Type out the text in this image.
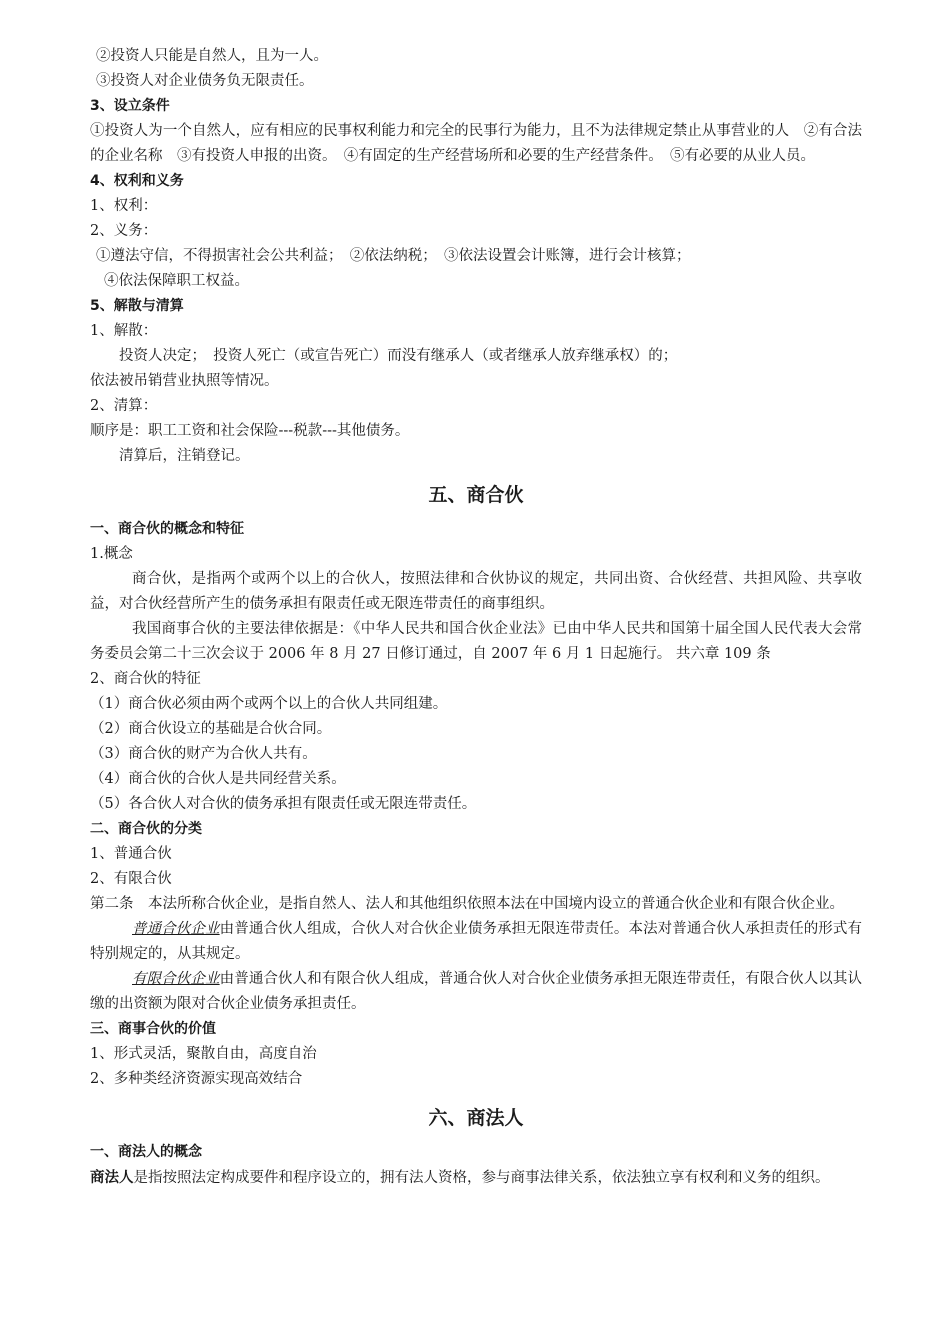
②投资人只能是自然人，且为一人。

③投资人对企业债务负无限责任。

3、设立条件

①投资人为一个自然人，应有相应的民事权利能力和完全的民事行为能力，且不为法律规定禁止从事营业的人　②有合法的企业名称　③有投资人申报的出资。　④有固定的生产经营场所和必要的生产经营条件。　⑤有必要的从业人员。

4、权利和义务

1、权利：

2、义务：

①遵法守信，不得损害社会公共利益；　②依法纳税；　③依法设置会计账簿，进行会计核算；

④依法保障职工权益。

5、解散与清算

1、解散：

投资人决定；　投资人死亡（或宣告死亡）而没有继承人（或者继承人放弃继承权）的；

依法被吊销营业执照等情况。

2、清算：

顺序是：职工工资和社会保险---税款---其他债务。

清算后，注销登记。

五、商合伙

一、商合伙的概念和特征

1.概念

商合伙，是指两个或两个以上的合伙人，按照法律和合伙协议的规定，共同出资、合伙经营、共担风险、共享收益，对合伙经营所产生的债务承担有限责任或无限连带责任的商事组织。

我国商事合伙的主要法律依据是：《中华人民共和国合伙企业法》已由中华人民共和国第十届全国人民代表大会常务委员会第二十三次会议于 2006 年 8 月 27 日修订通过，自 2007 年 6 月 1 日起施行。 共六章 109 条

2、商合伙的特征

（1）商合伙必须由两个或两个以上的合伙人共同组建。

（2）商合伙设立的基础是合伙合同。

（3）商合伙的财产为合伙人共有。

（4）商合伙的合伙人是共同经营关系。

（5）各合伙人对合伙的债务承担有限责任或无限连带责任。

二、商合伙的分类

1、普通合伙

2、有限合伙

第二条　本法所称合伙企业，是指自然人、法人和其他组织依照本法在中国境内设立的普通合伙企业和有限合伙企业。

普通合伙企业由普通合伙人组成，合伙人对合伙企业债务承担无限连带责任。本法对普通合伙人承担责任的形式有特别规定的，从其规定。

有限合伙企业由普通合伙人和有限合伙人组成，普通合伙人对合伙企业债务承担无限连带责任，有限合伙人以其认缴的出资额为限对合伙企业债务承担责任。

三、商事合伙的价值

1、形式灵活，聚散自由，高度自治

2、多种类经济资源实现高效结合

六、商法人

一、商法人的概念

商法人是指按照法定构成要件和程序设立的，拥有法人资格，参与商事法律关系，依法独立享有权利和义务的组织。
